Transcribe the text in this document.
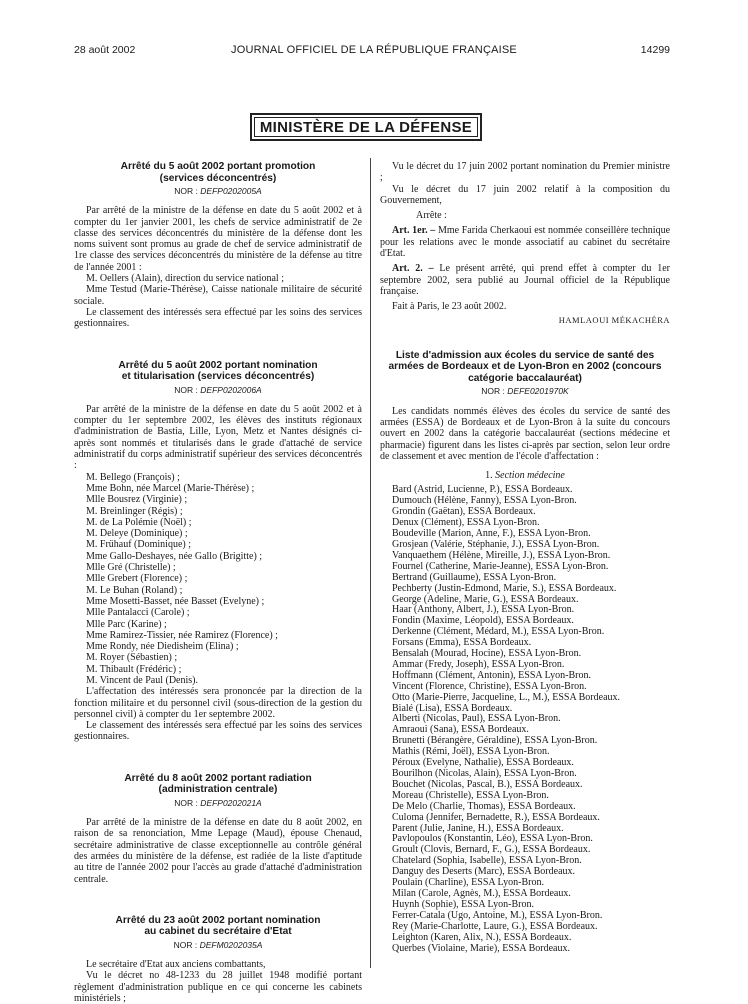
28 août 2002	JOURNAL OFFICIEL DE LA RÉPUBLIQUE FRANÇAISE	14299
MINISTÈRE DE LA DÉFENSE
Arrêté du 5 août 2002 portant promotion
(services déconcentrés)
NOR : DEFP0202005A

Par arrêté de la ministre de la défense en date du 5 août 2002 et à compter du 1er janvier 2001, les chefs de service administratif de 2e classe des services déconcentrés du ministère de la défense dont les noms suivent sont promus au grade de chef de service administratif de 1re classe des services déconcentrés du ministère de la défense au titre de l'année 2001 :

M. Oellers (Alain), direction du service national ;

Mme Testud (Marie-Thérèse), Caisse nationale militaire de sécurité sociale.

Le classement des intéressés sera effectué par les soins des services gestionnaires.

Arrêté du 5 août 2002 portant nomination
et titularisation (services déconcentrés)
NOR : DEFP0202006A

Par arrêté de la ministre de la défense en date du 5 août 2002 et à compter du 1er septembre 2002, les élèves des instituts régionaux d'administration de Bastia, Lille, Lyon, Metz et Nantes désignés ci-après sont nommés et titularisés dans le grade d'attaché de service administratif du corps administratif supérieur des services déconcentrés :

M. Bellego (François) ;
Mme Bohn, née Marcel (Marie-Thérèse) ;
Mlle Bousrez (Virginie) ;
M. Breinlinger (Régis) ;
M. de La Polémie (Noël) ;
M. Deleye (Dominique) ;
M. Frühauf (Dominique) ;
Mme Gallo-Deshayes, née Gallo (Brigitte) ;
Mlle Gré (Christelle) ;
Mlle Grebert (Florence) ;
M. Le Buhan (Roland) ;
Mme Mosetti-Basset, née Basset (Evelyne) ;
Mlle Pantalacci (Carole) ;
Mlle Parc (Karine) ;
Mme Ramirez-Tissier, née Ramirez (Florence) ;
Mme Rondy, née Diedisheim (Elina) ;
M. Royer (Sébastien) ;
M. Thibault (Frédéric) ;
M. Vincent de Paul (Denis).

L'affectation des intéressés sera prononcée par la direction de la fonction militaire et du personnel civil (sous-direction de la gestion du personnel civil) à compter du 1er septembre 2002.

Le classement des intéressés sera effectué par les soins des services gestionnaires.

Arrêté du 8 août 2002 portant radiation
(administration centrale)
NOR : DEFP0202021A

Par arrêté de la ministre de la défense en date du 8 août 2002, en raison de sa renonciation, Mme Lepage (Maud), épouse Chenaud, secrétaire administrative de classe exceptionnelle au contrôle général des armées du ministère de la défense, est radiée de la liste d'aptitude au titre de l'année 2002 pour l'accès au grade d'attaché d'administration centrale.

Arrêté du 23 août 2002 portant nomination
au cabinet du secrétaire d'Etat
NOR : DEFM0202035A

Le secrétaire d'Etat aux anciens combattants,

Vu le décret no 48-1233 du 28 juillet 1948 modifié portant règlement d'administration publique en ce qui concerne les cabinets ministériels ;

Vu le décret du 17 juin 2002 portant nomination du Premier ministre ;

Vu le décret du 17 juin 2002 relatif à la composition du Gouvernement,

Arrête :

Art. 1er. – Mme Farida Cherkaoui est nommée conseillère technique pour les relations avec le monde associatif au cabinet du secrétaire d'Etat.

Art. 2. – Le présent arrêté, qui prend effet à compter du 1er septembre 2002, sera publié au Journal officiel de la République française.

Fait à Paris, le 23 août 2002.

HAMLAOUI MÉKACHÉRA
Liste d'admission aux écoles du service de santé des
armées de Bordeaux et de Lyon-Bron en 2002 (concours
catégorie baccalauréat)
NOR : DEFE0201970K

Les candidats nommés élèves des écoles du service de santé des armées (ESSA) de Bordeaux et de Lyon-Bron à la suite du concours ouvert en 2002 dans la catégorie baccalauréat (sections médecine et pharmacie) figurent dans les listes ci-après par section, selon leur ordre de classement et avec mention de l'école d'affectation :

1. Section médecine
Bard (Astrid, Lucienne, P.), ESSA Bordeaux.
Dumouch (Hélène, Fanny), ESSA Lyon-Bron.
Grondin (Gaëtan), ESSA Bordeaux.
Denux (Clément), ESSA Lyon-Bron.
Boudeville (Marion, Anne, F.), ESSA Lyon-Bron.
Grosjean (Valérie, Stéphanie, J.), ESSA Lyon-Bron.
Vanquaethem (Hélène, Mireille, J.), ESSA Lyon-Bron.
Fournel (Catherine, Marie-Jeanne), ESSA Lyon-Bron.
Bertrand (Guillaume), ESSA Lyon-Bron.
Pechberty (Justin-Edmond, Marie, S.), ESSA Bordeaux.
George (Adeline, Marie, G.), ESSA Bordeaux.
Haar (Anthony, Albert, J.), ESSA Lyon-Bron.
Fondin (Maxime, Léopold), ESSA Bordeaux.
Derkenne (Clément, Médard, M.), ESSA Lyon-Bron.
Forsans (Emma), ESSA Bordeaux.
Bensalah (Mourad, Hocine), ESSA Lyon-Bron.
Ammar (Fredy, Joseph), ESSA Lyon-Bron.
Hoffmann (Clément, Antonin), ESSA Lyon-Bron.
Vincent (Florence, Christine), ESSA Lyon-Bron.
Otto (Marie-Pierre, Jacqueline, L., M.), ESSA Bordeaux.
Bialé (Lisa), ESSA Bordeaux.
Alberti (Nicolas, Paul), ESSA Lyon-Bron.
Amraoui (Sana), ESSA Bordeaux.
Brunetti (Bérangère, Géraldine), ESSA Lyon-Bron.
Mathis (Rémi, Joël), ESSA Lyon-Bron.
Péroux (Evelyne, Nathalie), ESSA Bordeaux.
Bourilhon (Nicolas, Alain), ESSA Lyon-Bron.
Bouchet (Nicolas, Pascal, B.), ESSA Bordeaux.
Moreau (Christelle), ESSA Lyon-Bron.
De Melo (Charlie, Thomas), ESSA Bordeaux.
Culoma (Jennifer, Bernadette, R.), ESSA Bordeaux.
Parent (Julie, Janine, H.), ESSA Bordeaux.
Pavlopoulos (Konstantin, Léo), ESSA Lyon-Bron.
Groult (Clovis, Bernard, F., G.), ESSA Bordeaux.
Chatelard (Sophia, Isabelle), ESSA Lyon-Bron.
Danguy des Deserts (Marc), ESSA Bordeaux.
Poulain (Charline), ESSA Lyon-Bron.
Milan (Carole, Agnès, M.), ESSA Bordeaux.
Huynh (Sophie), ESSA Lyon-Bron.
Ferrer-Catala (Ugo, Antoine, M.), ESSA Lyon-Bron.
Rey (Marie-Charlotte, Laure, G.), ESSA Bordeaux.
Leighton (Karen, Alix, N.), ESSA Bordeaux.
Querbes (Violaine, Marie), ESSA Bordeaux.
